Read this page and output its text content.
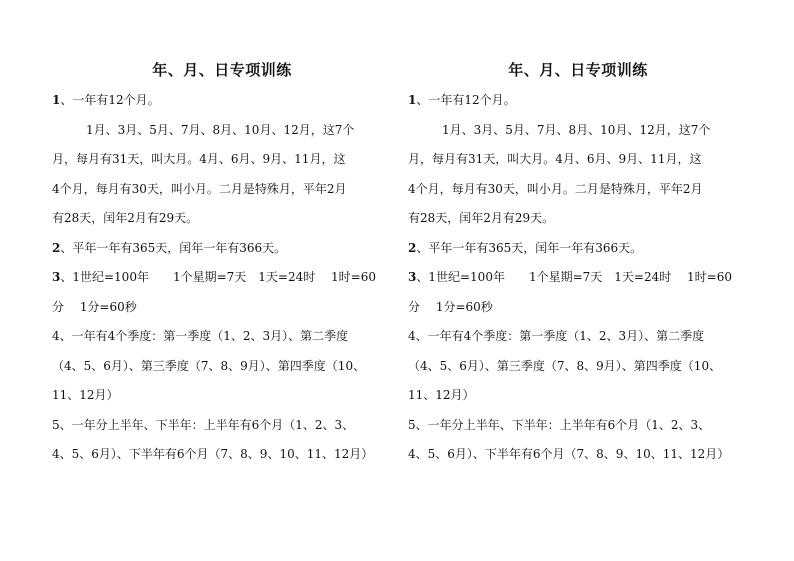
年、月、日专项训练
1、一年有12个月。
1月、3月、5月、7月、8月、10月、12月，这7个
月，每月有31天，叫大月。4月、6月、9月、11月，这
4个月，每月有30天，叫小月。二月是特殊月，平年2月
有28天，闰年2月有29天。
2、平年一年有365天，闰年一年有366天。
3、1世纪=100年　　1个星期=7天　1天=24时　 1时=60
分　 1分=60秒
4、一年有4个季度：第一季度（1、2、3月）、第二季度
（4、5、6月）、第三季度（7、8、9月）、第四季度（10、
11、12月）
5、一年分上半年、下半年：上半年有6个月（1、2、3、
4、5、6月）、下半年有6个月（7、8、9、10、11、12月）
年、月、日专项训练
1、一年有12个月。
1月、3月、5月、7月、8月、10月、12月，这7个
月，每月有31天，叫大月。4月、6月、9月、11月，这
4个月，每月有30天，叫小月。二月是特殊月，平年2月
有28天，闰年2月有29天。
2、平年一年有365天，闰年一年有366天。
3、1世纪=100年　　1个星期=7天　1天=24时　 1时=60
分　 1分=60秒
4、一年有4个季度：第一季度（1、2、3月）、第二季度
（4、5、6月）、第三季度（7、8、9月）、第四季度（10、
11、12月）
5、一年分上半年、下半年：上半年有6个月（1、2、3、
4、5、6月）、下半年有6个月（7、8、9、10、11、12月）
